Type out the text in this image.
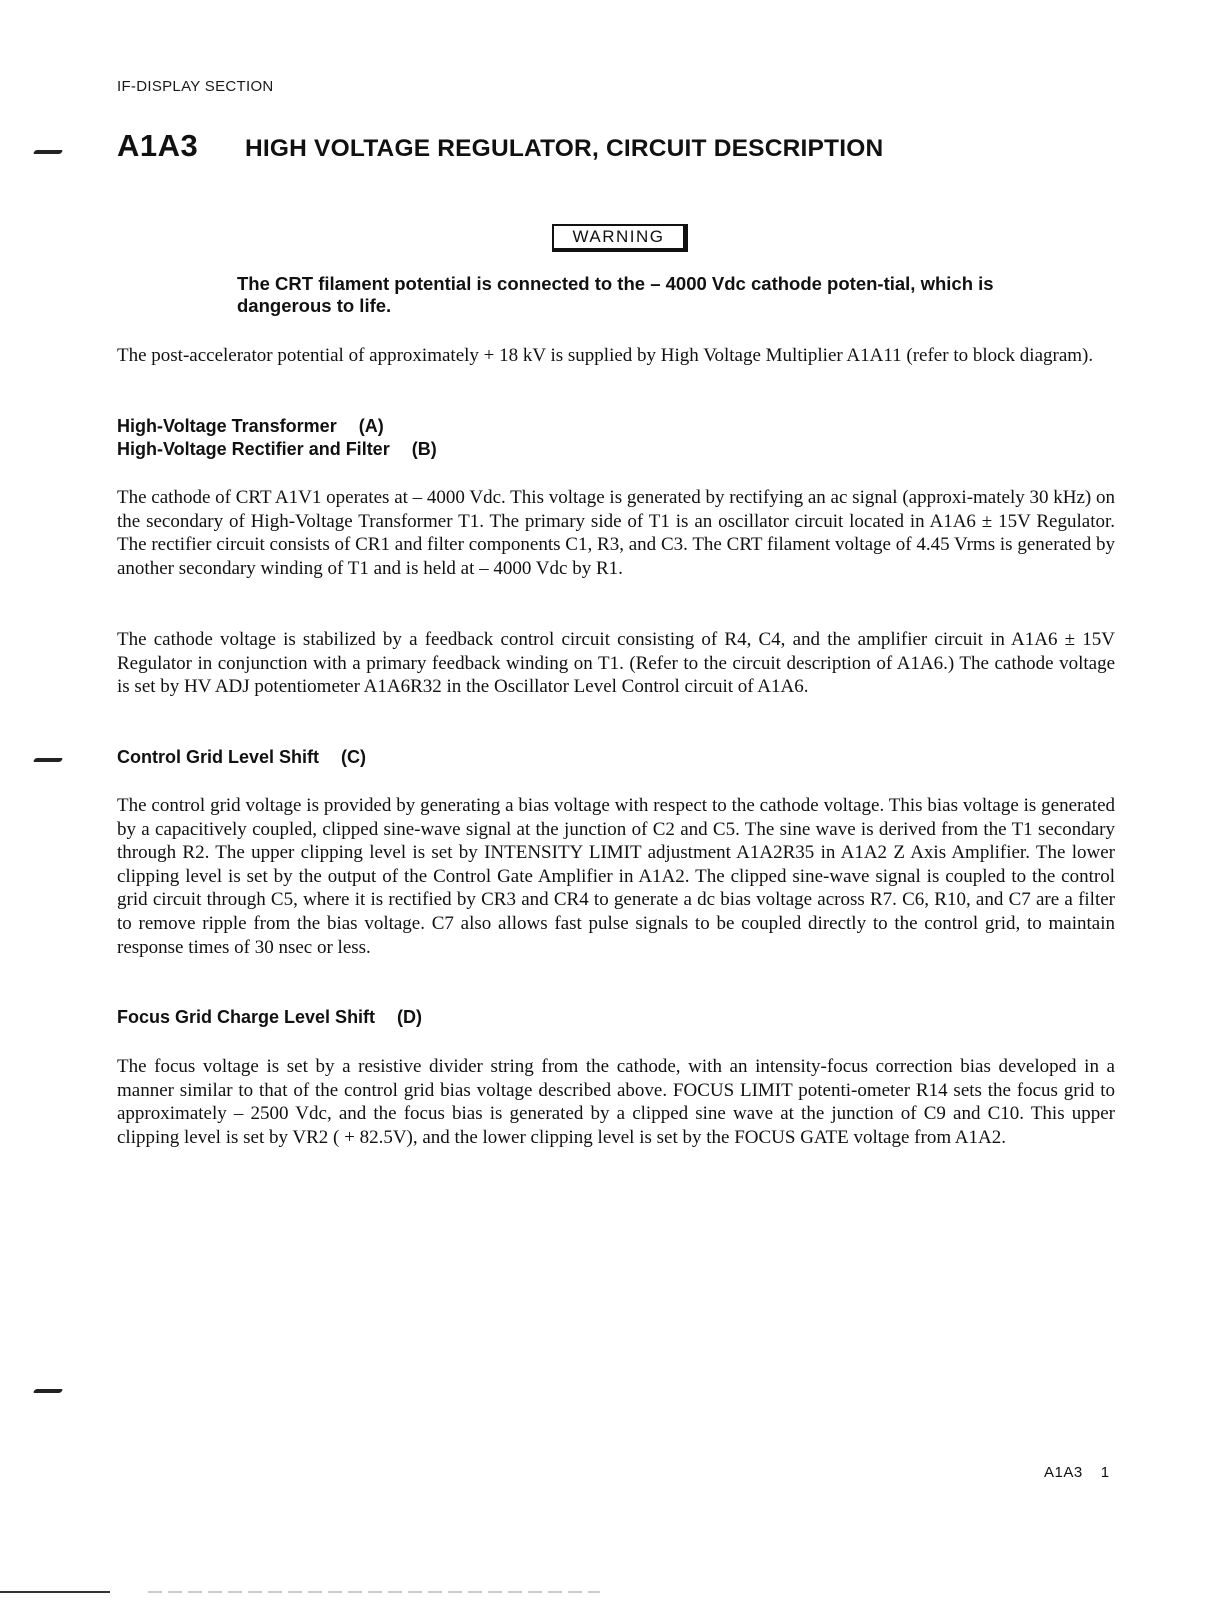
IF-DISPLAY SECTION
A1A3	HIGH VOLTAGE REGULATOR, CIRCUIT DESCRIPTION
WARNING
The CRT filament potential is connected to the – 4000 Vdc cathode poten-tial, which is dangerous to life.

The post-accelerator potential of approximately + 18 kV is supplied by High Voltage Multiplier A1A11 (refer to block diagram).

High-Voltage Transformer (A)
High-Voltage Rectifier and Filter (B)

The cathode of CRT A1V1 operates at – 4000 Vdc. This voltage is generated by rectifying an ac signal (approxi-mately 30 kHz) on the secondary of High-Voltage Transformer T1. The primary side of T1 is an oscillator circuit located in A1A6 ± 15V Regulator. The rectifier circuit consists of CR1 and filter components C1, R3, and C3. The CRT filament voltage of 4.45 Vrms is generated by another secondary winding of T1 and is held at – 4000 Vdc by R1.

The cathode voltage is stabilized by a feedback control circuit consisting of R4, C4, and the amplifier circuit in A1A6 ± 15V Regulator in conjunction with a primary feedback winding on T1. (Refer to the circuit description of A1A6.) The cathode voltage is set by HV ADJ potentiometer A1A6R32 in the Oscillator Level Control circuit of A1A6.

Control Grid Level Shift (C)

The control grid voltage is provided by generating a bias voltage with respect to the cathode voltage. This bias voltage is generated by a capacitively coupled, clipped sine-wave signal at the junction of C2 and C5. The sine wave is derived from the T1 secondary through R2. The upper clipping level is set by INTENSITY LIMIT adjustment A1A2R35 in A1A2 Z Axis Amplifier. The lower clipping level is set by the output of the Control Gate Amplifier in A1A2. The clipped sine-wave signal is coupled to the control grid circuit through C5, where it is rectified by CR3 and CR4 to generate a dc bias voltage across R7. C6, R10, and C7 are a filter to remove ripple from the bias voltage. C7 also allows fast pulse signals to be coupled directly to the control grid, to maintain response times of 30 nsec or less.

Focus Grid Charge Level Shift (D)

The focus voltage is set by a resistive divider string from the cathode, with an intensity-focus correction bias developed in a manner similar to that of the control grid bias voltage described above. FOCUS LIMIT potenti-ometer R14 sets the focus grid to approximately – 2500 Vdc, and the focus bias is generated by a clipped sine wave at the junction of C9 and C10. This upper clipping level is set by VR2 ( + 82.5V), and the lower clipping level is set by the FOCUS GATE voltage from A1A2.

A1A3 1
